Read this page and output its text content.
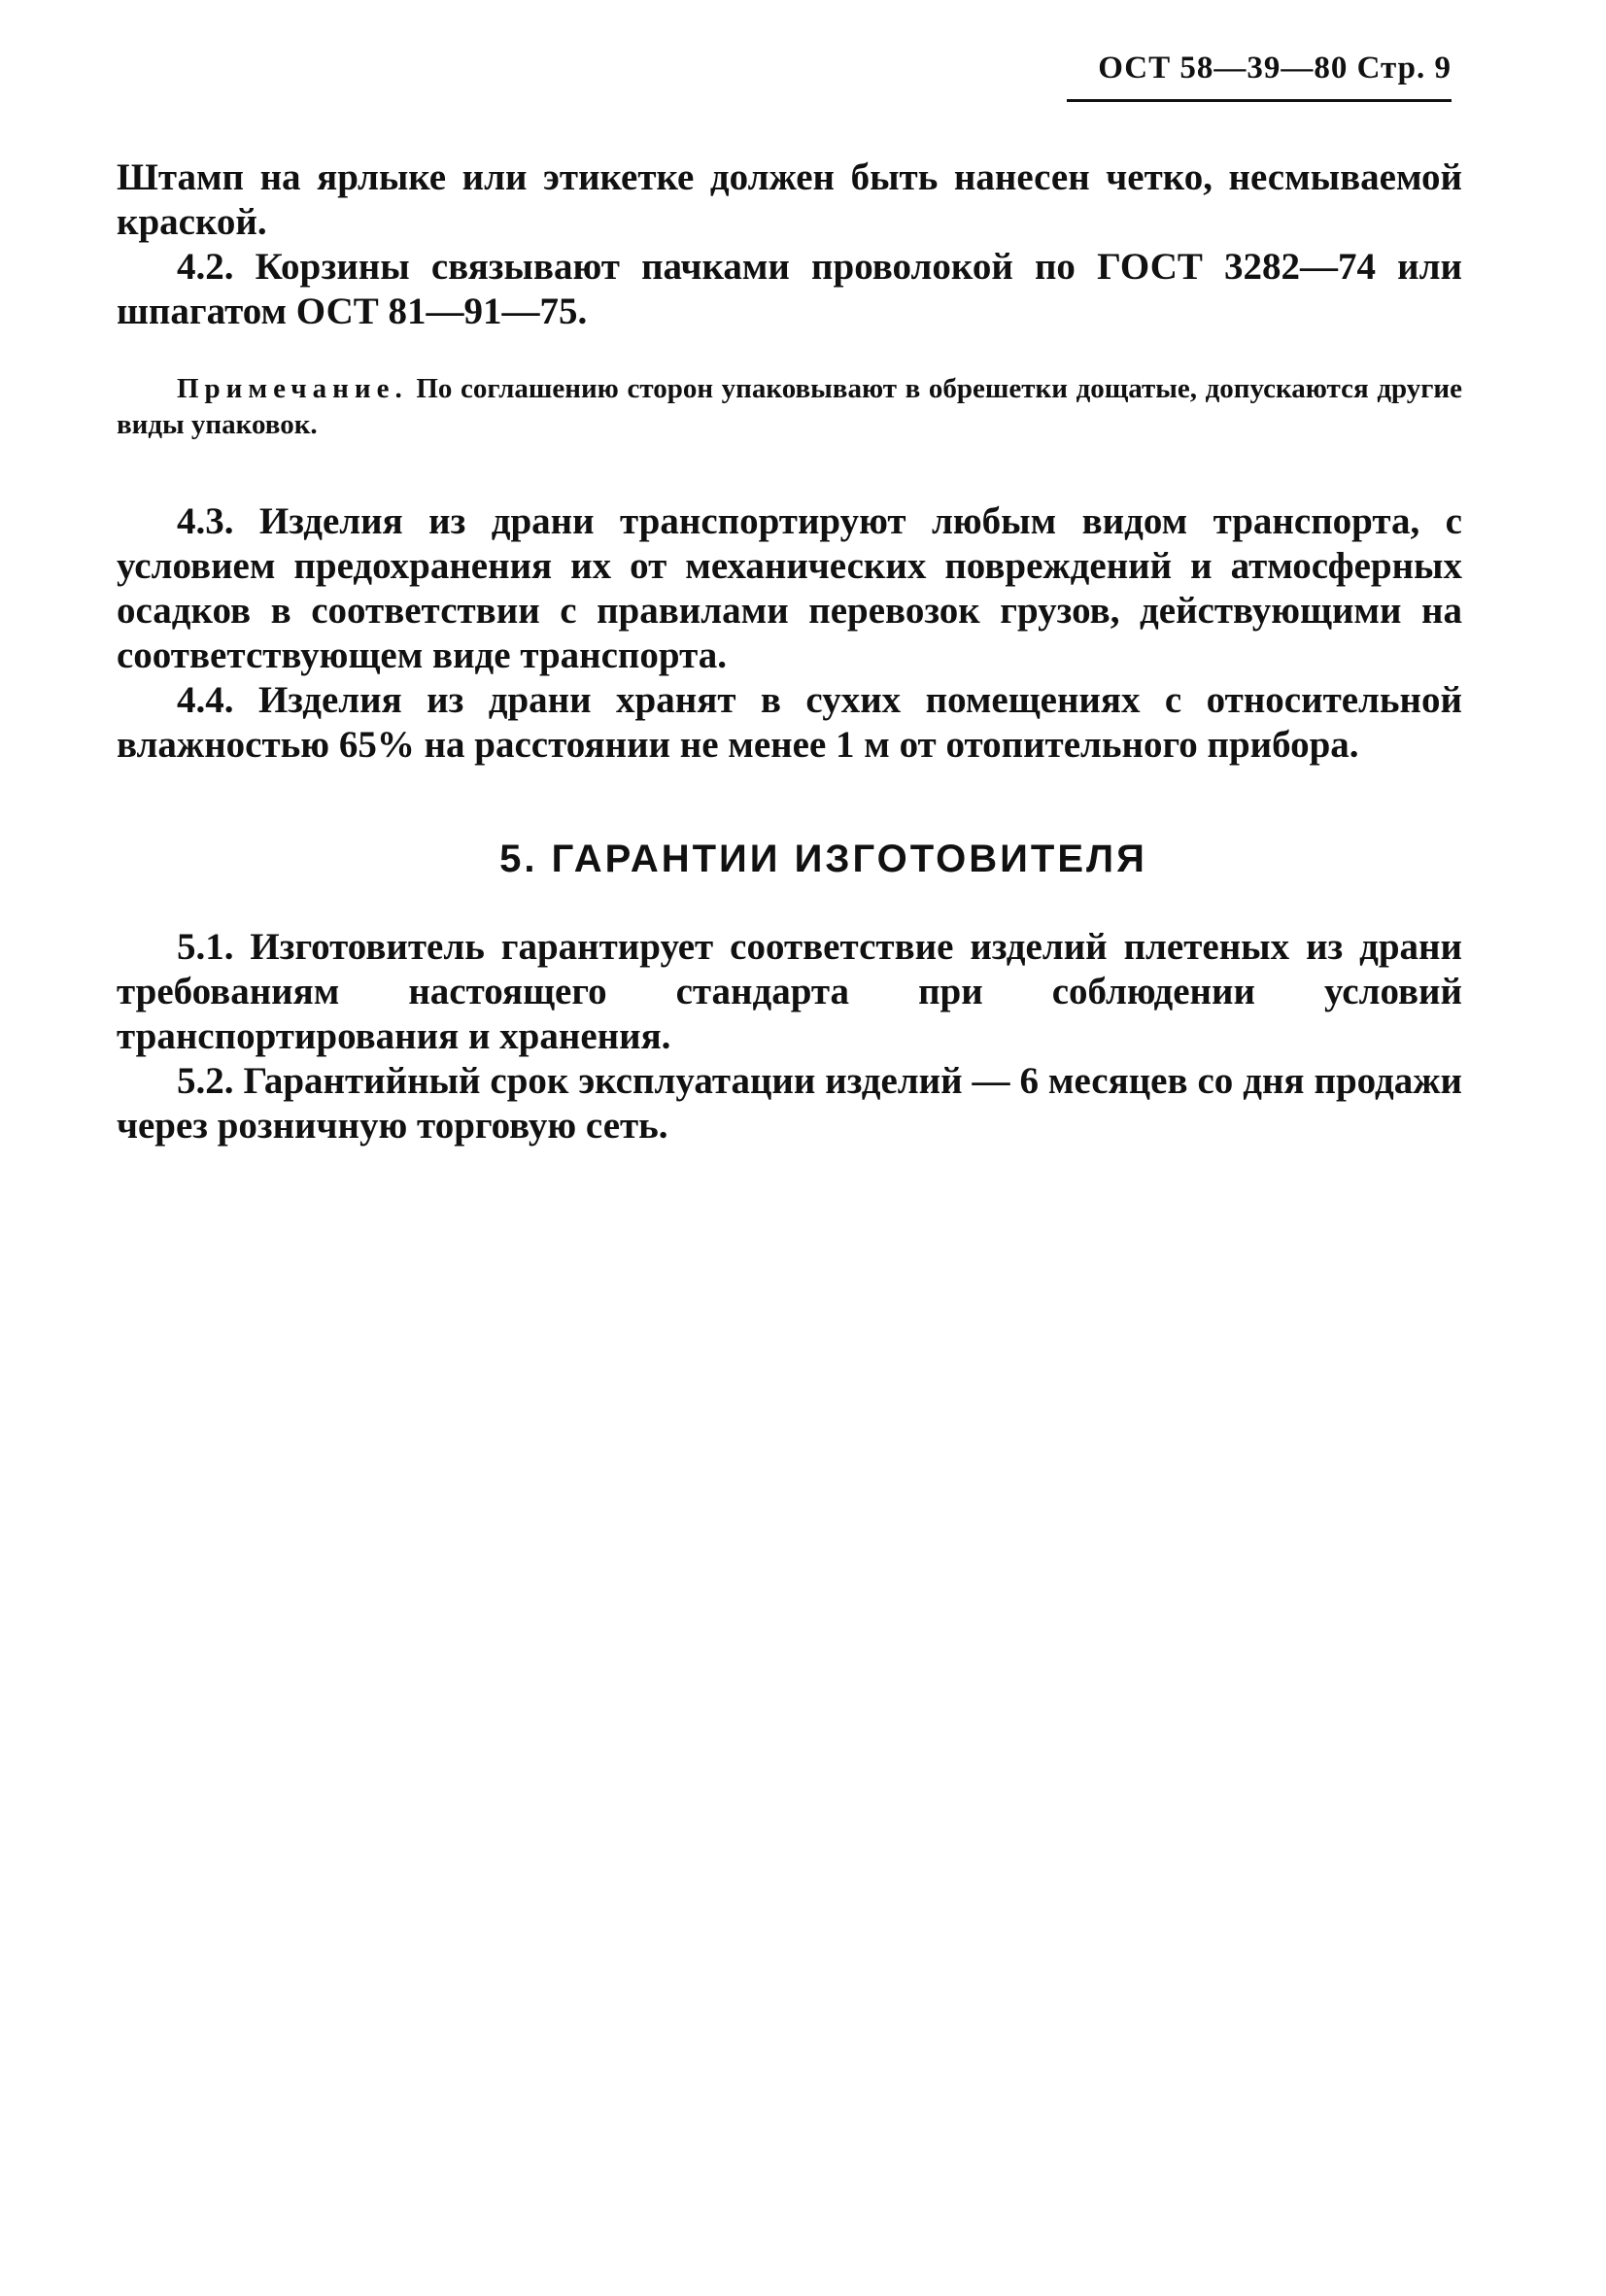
ОСТ 58—39—80 Стр. 9

Штамп на ярлыке или этикетке должен быть нанесен четко, несмываемой краской.

4.2. Корзины связывают пачками проволокой по ГОСТ 3282—74 или шпагатом ОСТ 81—91—75.

Примечание. По соглашению сторон упаковывают в обрешетки дощатые, допускаются другие виды упаковок.

4.3. Изделия из драни транспортируют любым видом транспорта, с условием предохранения их от механических повреждений и атмосферных осадков в соответствии с правилами перевозок грузов, действующими на соответствующем виде транспорта.

4.4. Изделия из драни хранят в сухих помещениях с относительной влажностью 65% на расстоянии не менее 1 м от отопительного прибора.

5. ГАРАНТИИ ИЗГОТОВИТЕЛЯ

5.1. Изготовитель гарантирует соответствие изделий плетеных из драни требованиям настоящего стандарта при соблюдении условий транспортирования и хранения.

5.2. Гарантийный срок эксплуатации изделий — 6 месяцев со дня продажи через розничную торговую сеть.
